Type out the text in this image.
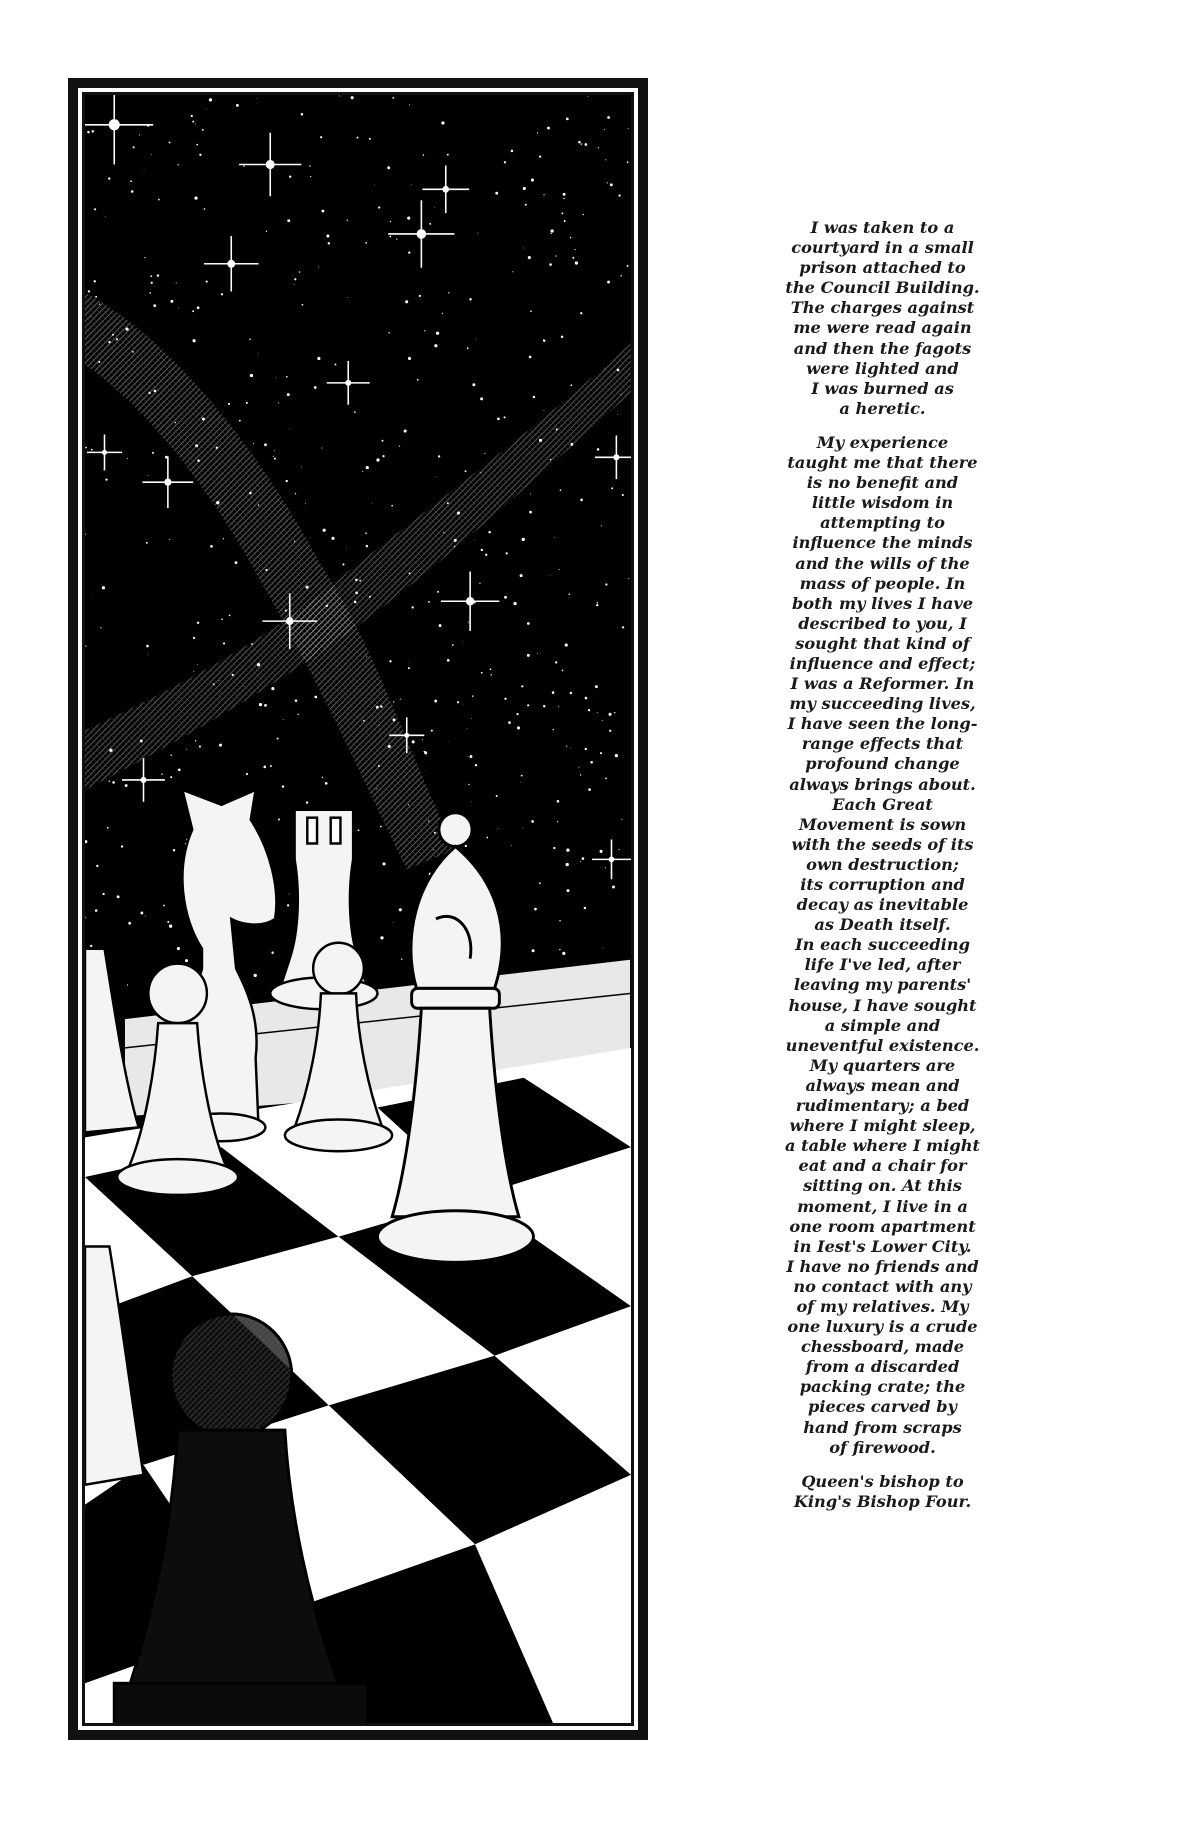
I was taken to a
courtyard in a small
prison attached to
the Council Building.
The charges against
me were read again
and then the fagots
were lighted and
I was burned as
a heretic.
My experience
taught me that there
is no benefit and
little wisdom in
attempting to
influence the minds
and the wills of the
mass of people. In
both my lives I have
described to you, I
sought that kind of
influence and effect;
I was a Reformer. In
my succeeding lives,
I have seen the long-
range effects that
profound change
always brings about.
Each Great
Movement is sown
with the seeds of its
own destruction;
its corruption and
decay as inevitable
as Death itself.
In each succeeding
life I've led, after
leaving my parents'
house, I have sought
a simple and
uneventful existence.
My quarters are
always mean and
rudimentary; a bed
where I might sleep,
a table where I might
eat and a chair for
sitting on. At this
moment, I live in a
one room apartment
in Iest's Lower City.
I have no friends and
no contact with any
of my relatives. My
one luxury is a crude
chessboard, made
from a discarded
packing crate; the
pieces carved by
hand from scraps
of firewood.
Queen's bishop to
King's Bishop Four.
